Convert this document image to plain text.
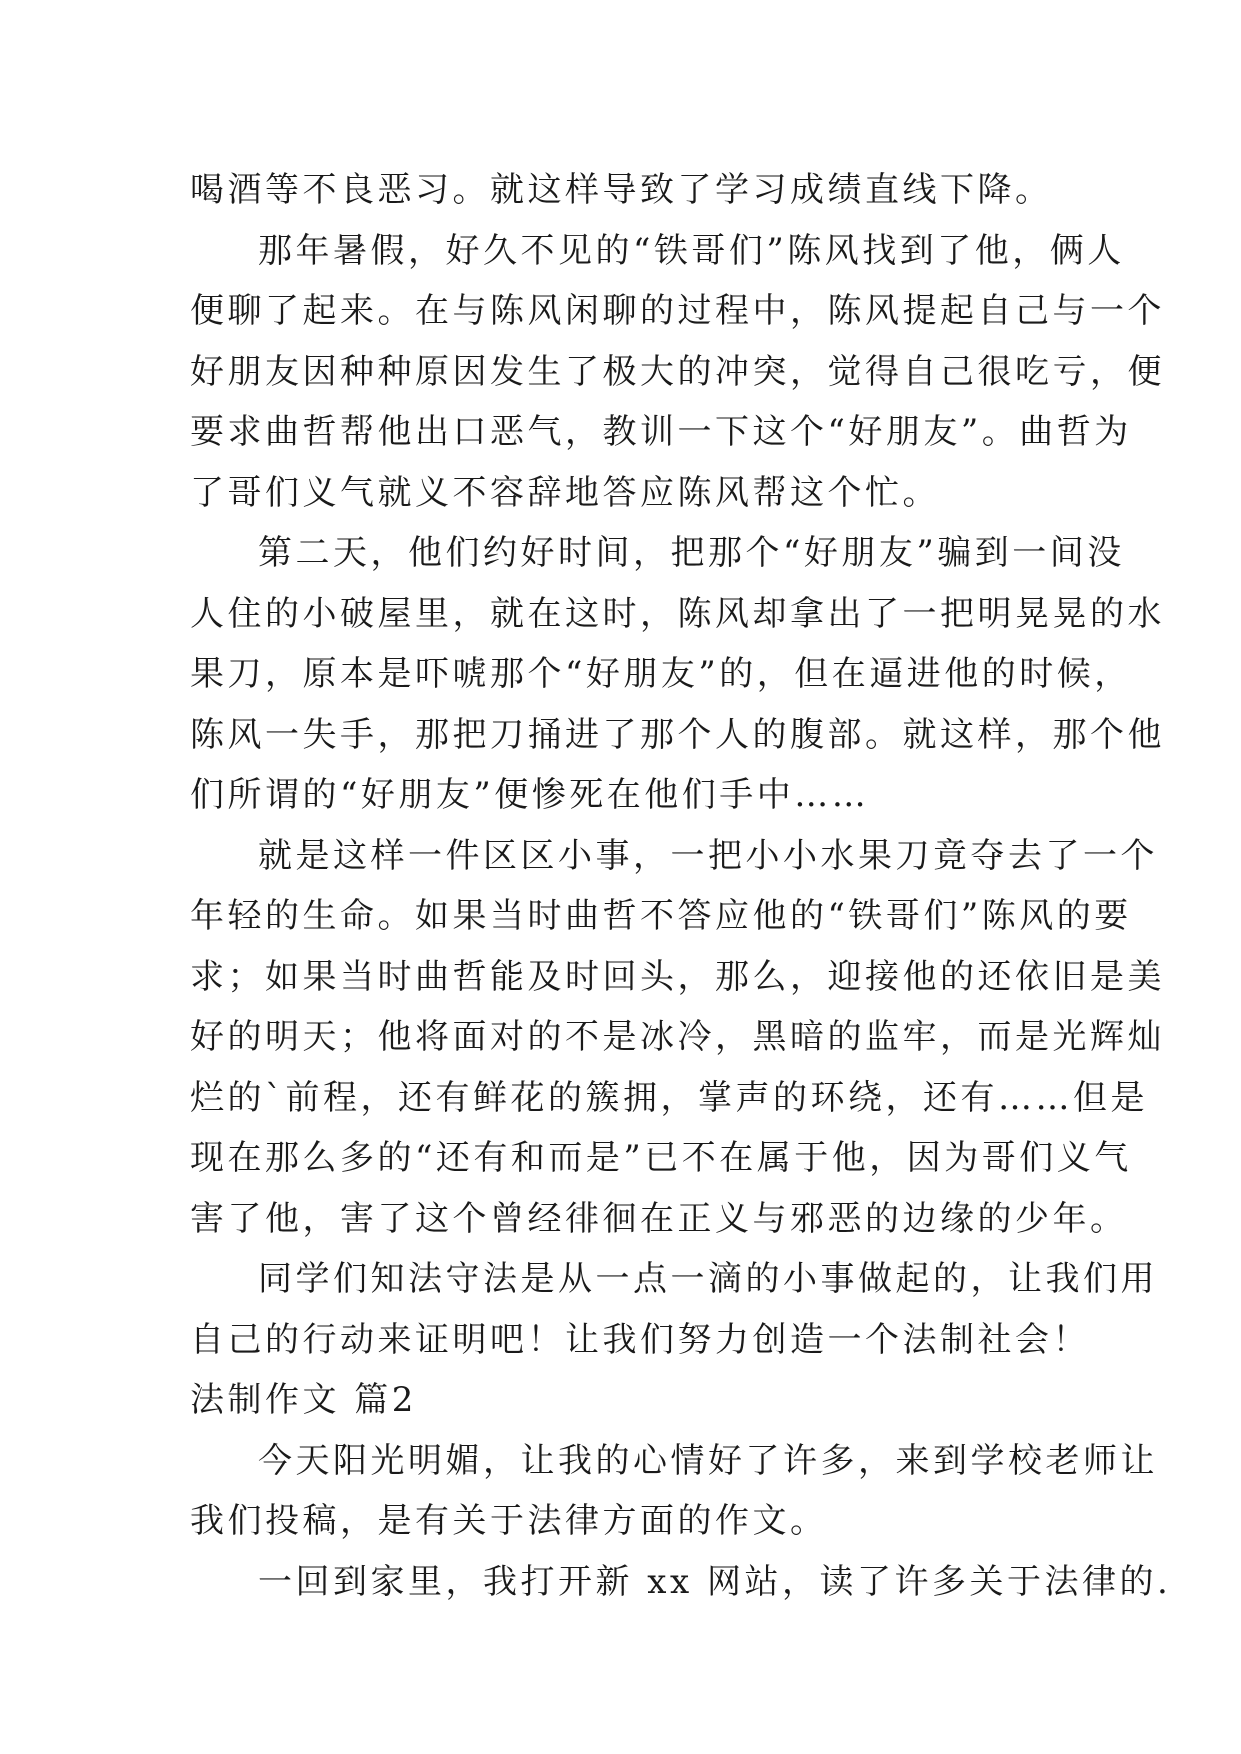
喝酒等不良恶习。就这样导致了学习成绩直线下降。
那年暑假，好久不见的“铁哥们”陈风找到了他，俩人
便聊了起来。在与陈风闲聊的过程中，陈风提起自己与一个
好朋友因种种原因发生了极大的冲突，觉得自己很吃亏，便
要求曲哲帮他出口恶气，教训一下这个“好朋友”。曲哲为
了哥们义气就义不容辞地答应陈风帮这个忙。
第二天，他们约好时间，把那个“好朋友”骗到一间没
人住的小破屋里，就在这时，陈风却拿出了一把明晃晃的水
果刀，原本是吓唬那个“好朋友”的，但在逼进他的时候，
陈风一失手，那把刀捅进了那个人的腹部。就这样，那个他
们所谓的“好朋友”便惨死在他们手中……
就是这样一件区区小事，一把小小水果刀竟夺去了一个
年轻的生命。如果当时曲哲不答应他的“铁哥们”陈风的要
求；如果当时曲哲能及时回头，那么，迎接他的还依旧是美
好的明天；他将面对的不是冰冷，黑暗的监牢，而是光辉灿
烂的`前程，还有鲜花的簇拥，掌声的环绕，还有……但是
现在那么多的“还有和而是”已不在属于他，因为哥们义气
害了他，害了这个曾经徘徊在正义与邪恶的边缘的少年。
同学们知法守法是从一点一滴的小事做起的，让我们用
自己的行动来证明吧！让我们努力创造一个法制社会！
法制作文 篇2
今天阳光明媚，让我的心情好了许多，来到学校老师让
我们投稿，是有关于法律方面的作文。
一回到家里，我打开新 xx 网站，读了许多关于法律的.
